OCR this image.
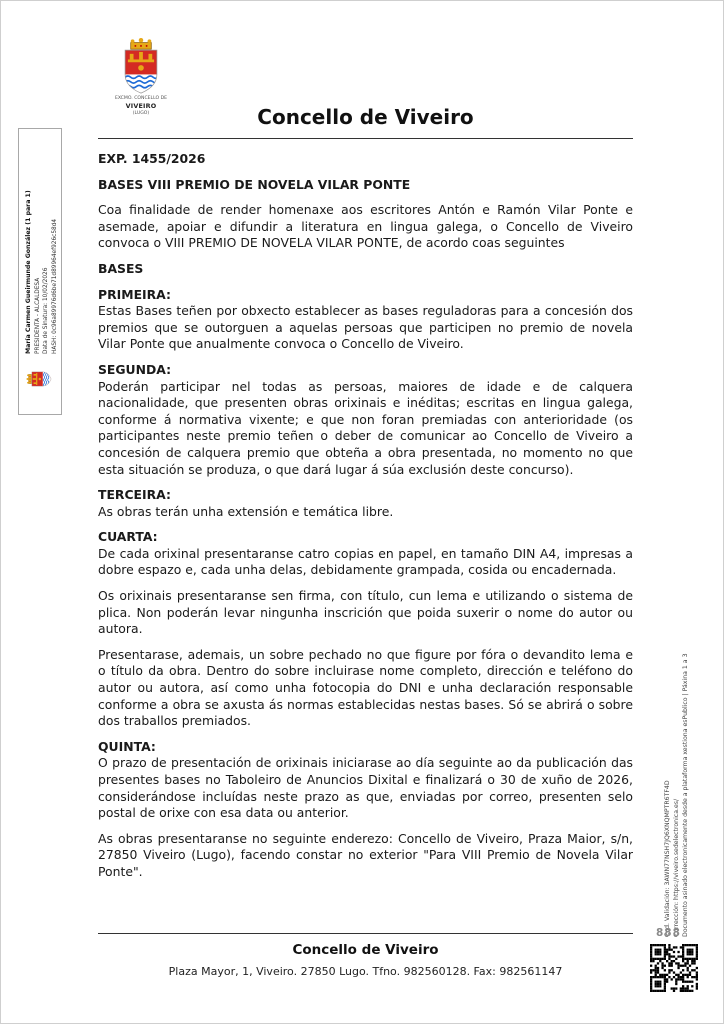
EXCMO. CONCELLO DE
VIVEIRO
(LUGO)	Concello de Viveiro

EXP. 1455/2026

BASES VIII PREMIO DE NOVELA VILAR PONTE

Coa finalidade de render homenaxe aos escritores Antón e Ramón Vilar Ponte e asemade, apoiar e difundir a literatura en lingua galega, o Concello de Viveiro convoca o VIII PREMIO DE NOVELA VILAR PONTE, de acordo coas seguintes

BASES

PRIMEIRA:

Estas Bases teñen por obxecto establecer as bases reguladoras para a concesión dos premios que se outorguen a aquelas persoas que participen no premio de novela Vilar Ponte que anualmente convoca o Concello de Viveiro.

SEGUNDA:

Poderán participar nel todas as persoas, maiores de idade e de calquera nacionalidade, que presenten obras orixinais e inéditas; escritas en lingua galega, conforme á normativa vixente; e que non foran premiadas con anterioridade (os participantes neste premio teñen o deber de comunicar ao Concello de Viveiro a concesión de calquera premio que obteña a obra presentada, no momento no que esta situación se produza, o que dará lugar á súa exclusión deste concurso).

TERCEIRA:

As obras terán unha extensión e temática libre.

CUARTA:

De cada orixinal presentaranse catro copias en papel, en tamaño DIN A4, impresas a dobre espazo e, cada unha delas, debidamente grampada, cosida ou encadernada.

Os orixinais presentaranse sen firma, con título, cun lema e utilizando o sistema de plica. Non poderán levar ningunha inscrición que poida suxerir o nome do autor ou autora.

Presentarase, ademais, un sobre pechado no que figure por fóra o devandito lema e o título da obra. Dentro do sobre incluirase nome completo, dirección e teléfono do autor ou autora, así como unha fotocopia do DNI e unha declaración responsable conforme a obra se axusta ás normas establecidas nestas bases. Só se abrirá o sobre dos traballos premiados.

QUINTA:

O prazo de presentación de orixinais iniciarase ao día seguinte ao da publicación das presentes bases no Taboleiro de Anuncios Dixital e finalizará o 30 de xuño de 2026, considerándose incluídas neste prazo as que, enviadas por correo, presenten selo postal de orixe con esa data ou anterior.

As obras presentaranse no seguinte enderezo: Concello de Viveiro, Praza Maior, s/n, 27850 Viveiro (Lugo), facendo constar no exterior "Para VIII Premio de Novela Vilar Ponte".

Concello de Viveiro
Plaza Mayor, 1, Viveiro. 27850 Lugo. Tfno. 982560128. Fax: 982561147
María Carmen Gueirmunde González (1 para 1) PRESIDENTA - ALCALDESA Data de Sinatura: 10/02/2026 HASH: 0c96a89976d6be71d89964ef926c58d4
Cod. Validación: 3AWN77NSH7JQ6XNQMPTR6TF4D Corrección: https://viveiro.sedelectronica.es/ Documento asinado electronicamente desde a plataforma xestiona esPublico | Páxina 1 a 3
888
